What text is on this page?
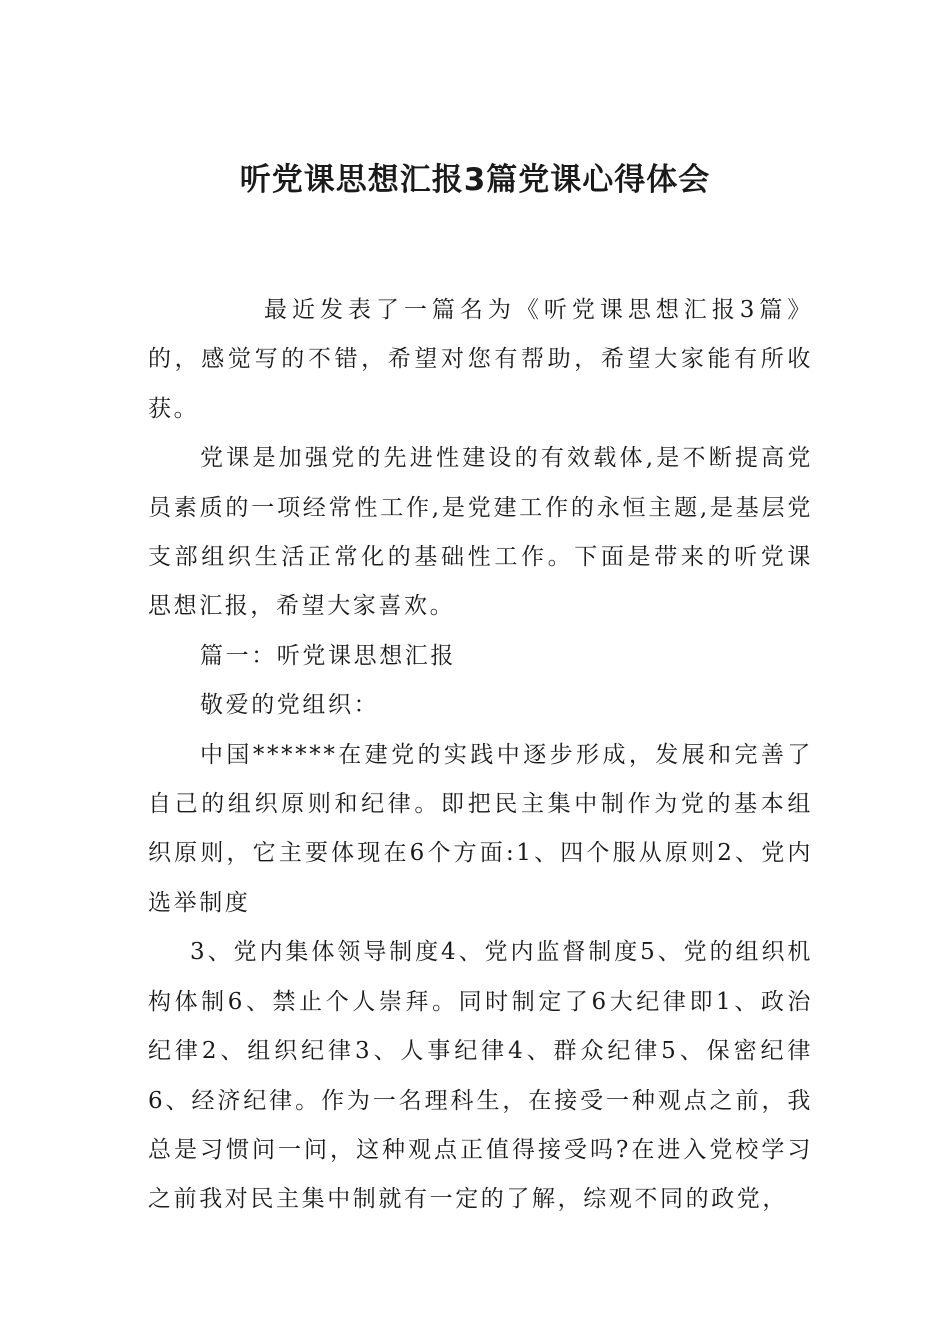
听党课思想汇报3篇党课心得体会

最近发表了一篇名为《听党课思想汇报3篇》的，感觉写的不错，希望对您有帮助，希望大家能有所收获。

党课是加强党的先进性建设的有效载体,是不断提高党员素质的一项经常性工作,是党建工作的永恒主题,是基层党支部组织生活正常化的基础性工作。下面是带来的听党课思想汇报，希望大家喜欢。

篇一：听党课思想汇报

敬爱的党组织：

中国******在建党的实践中逐步形成，发展和完善了自己的组织原则和纪律。即把民主集中制作为党的基本组织原则，它主要体现在6个方面:1、四个服从原则2、党内选举制度

3、党内集体领导制度4、党内监督制度5、党的组织机构体制6、禁止个人崇拜。同时制定了6大纪律即1、政治纪律2、组织纪律3、人事纪律4、群众纪律5、保密纪律6、经济纪律。作为一名理科生，在接受一种观点之前，我总是习惯问一问，这种观点正值得接受吗?在进入党校学习之前我对民主集中制就有一定的了解，综观不同的政党，
